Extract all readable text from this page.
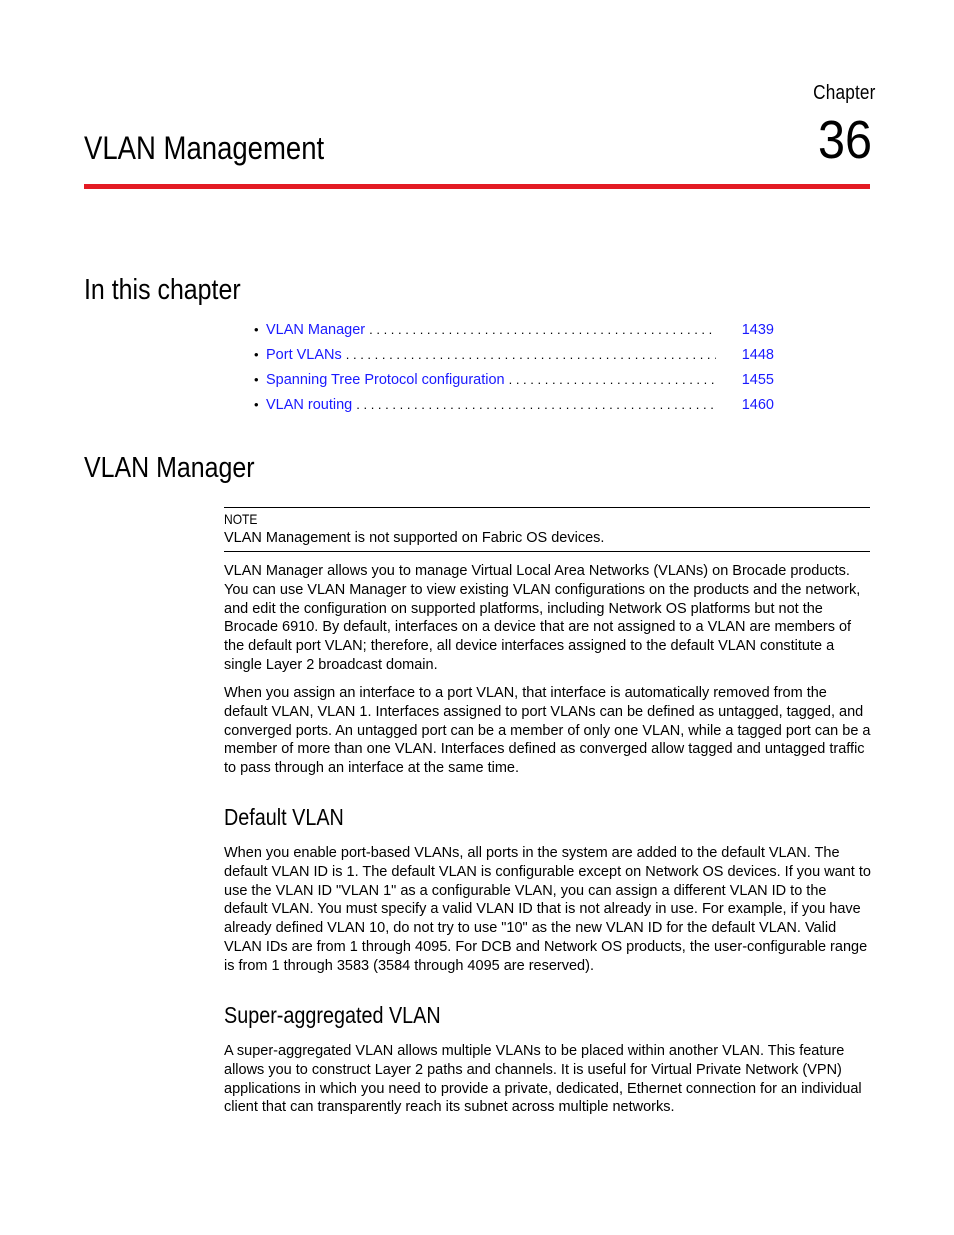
Chapter
36
VLAN Management
In this chapter
• VLAN Manager . . .	1439
• Port VLANs . . .	1448
• Spanning Tree Protocol configuration . . .	1455
• VLAN routing . . .	1460
VLAN Manager
NOTE
VLAN Management is not supported on Fabric OS devices.

VLAN Manager allows you to manage Virtual Local Area Networks (VLANs) on Brocade products. You can use VLAN Manager to view existing VLAN configurations on the products and the network, and edit the configuration on supported platforms, including Network OS platforms but not the Brocade 6910. By default, interfaces on a device that are not assigned to a VLAN are members of the default port VLAN; therefore, all device interfaces assigned to the default VLAN constitute a single Layer 2 broadcast domain.

When you assign an interface to a port VLAN, that interface is automatically removed from the default VLAN, VLAN 1. Interfaces assigned to port VLANs can be defined as untagged, tagged, and converged ports. An untagged port can be a member of only one VLAN, while a tagged port can be a member of more than one VLAN. Interfaces defined as converged allow tagged and untagged traffic to pass through an interface at the same time.

Default VLAN

When you enable port-based VLANs, all ports in the system are added to the default VLAN. The default VLAN ID is 1. The default VLAN is configurable except on Network OS devices. If you want to use the VLAN ID "VLAN 1" as a configurable VLAN, you can assign a different VLAN ID to the default VLAN. You must specify a valid VLAN ID that is not already in use. For example, if you have already defined VLAN 10, do not try to use "10" as the new VLAN ID for the default VLAN. Valid VLAN IDs are from 1 through 4095. For DCB and Network OS products, the user-configurable range is from 1 through 3583 (3584 through 4095 are reserved).

Super-aggregated VLAN

A super-aggregated VLAN allows multiple VLANs to be placed within another VLAN. This feature allows you to construct Layer 2 paths and channels. It is useful for Virtual Private Network (VPN) applications in which you need to provide a private, dedicated, Ethernet connection for an individual client that can transparently reach its subnet across multiple networks.
